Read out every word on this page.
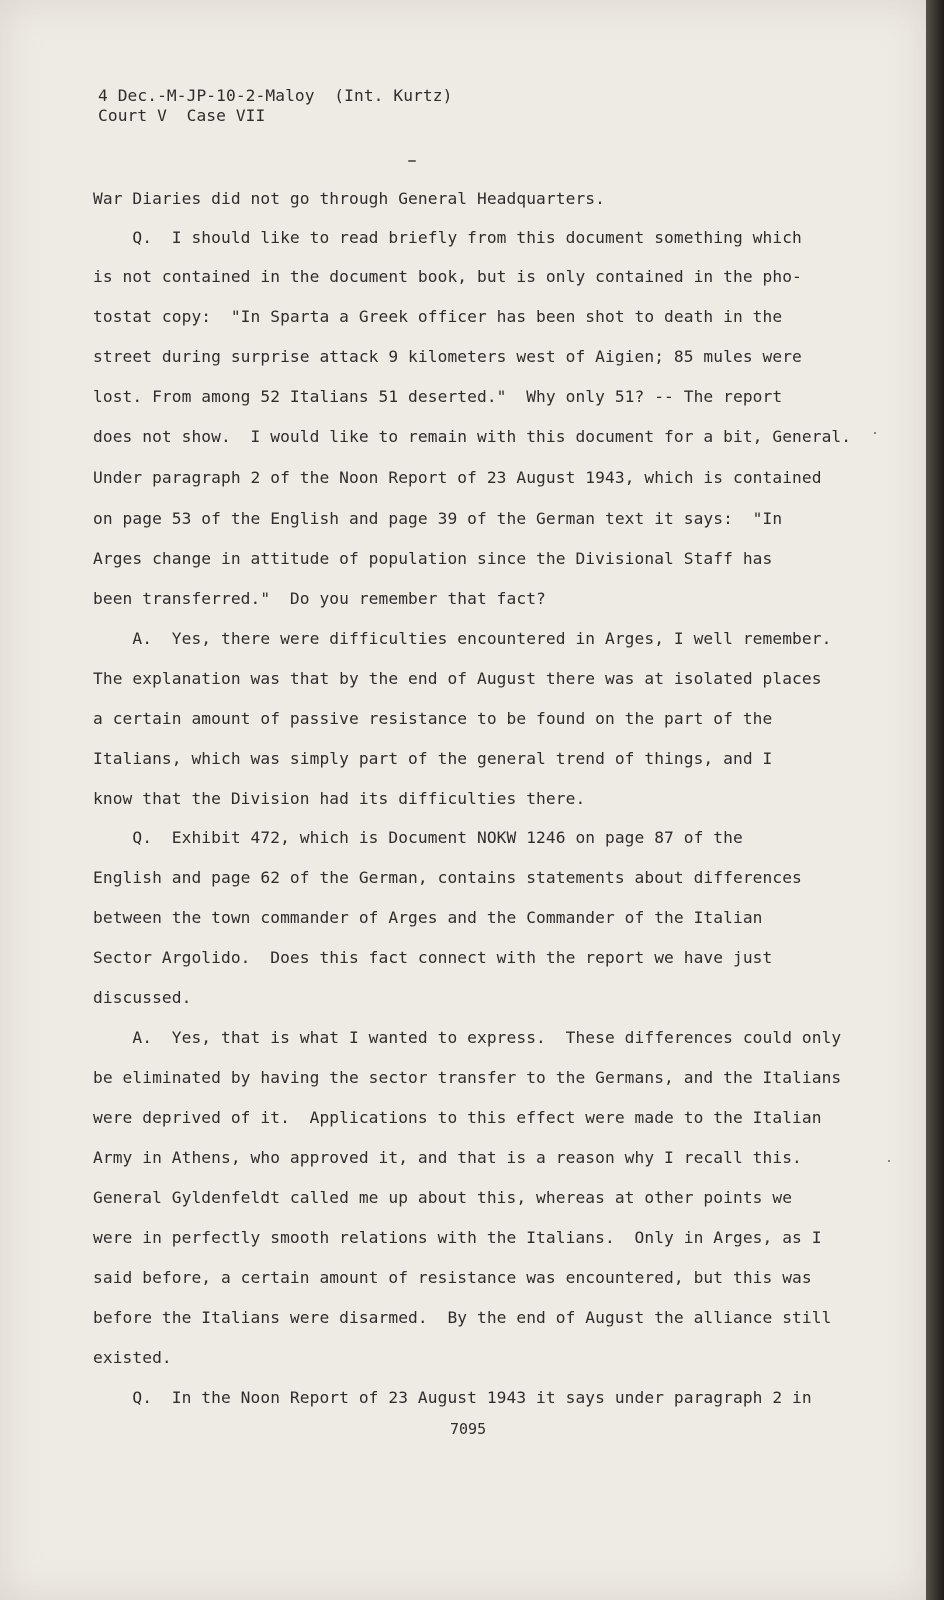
4 Dec.-M-JP-10-2-Maloy  (Int. Kurtz)

Court V  Case VII

War Diaries did not go through General Headquarters.

Q.  I should like to read briefly from this document something which

is not contained in the document book, but is only contained in the pho-

tostat copy:  "In Sparta a Greek officer has been shot to death in the

street during surprise attack 9 kilometers west of Aigien; 85 mules were

lost. From among 52 Italians 51 deserted."  Why only 51? -- The report

does not show.  I would like to remain with this document for a bit, General.

Under paragraph 2 of the Noon Report of 23 August 1943, which is contained

on page 53 of the English and page 39 of the German text it says:  "In

Arges change in attitude of population since the Divisional Staff has

been transferred."  Do you remember that fact?

A.  Yes, there were difficulties encountered in Arges, I well remember.

The explanation was that by the end of August there was at isolated places

a certain amount of passive resistance to be found on the part of the

Italians, which was simply part of the general trend of things, and I

know that the Division had its difficulties there.

Q.  Exhibit 472, which is Document NOKW 1246 on page 87 of the

English and page 62 of the German, contains statements about differences

between the town commander of Arges and the Commander of the Italian

Sector Argolido.  Does this fact connect with the report we have just

discussed.

A.  Yes, that is what I wanted to express.  These differences could only

be eliminated by having the sector transfer to the Germans, and the Italians

were deprived of it.  Applications to this effect were made to the Italian

Army in Athens, who approved it, and that is a reason why I recall this.

General Gyldenfeldt called me up about this, whereas at other points we

were in perfectly smooth relations with the Italians.  Only in Arges, as I

said before, a certain amount of resistance was encountered, but this was

before the Italians were disarmed.  By the end of August the alliance still

existed.

Q.  In the Noon Report of 23 August 1943 it says under paragraph 2 in

7095
